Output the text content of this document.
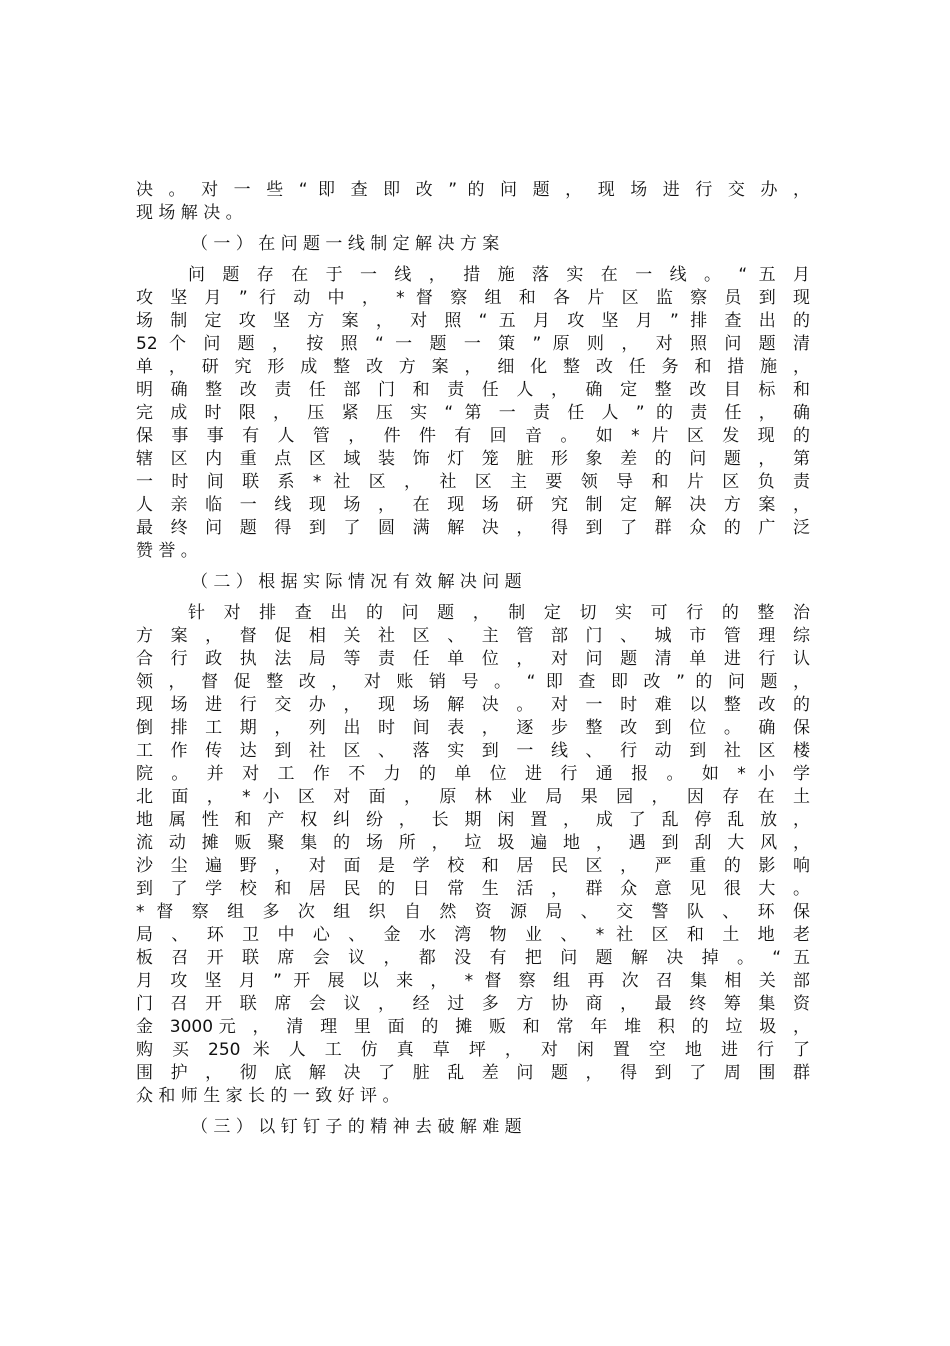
决 。 对 一 些 “ 即 查 即 改 ” 的 问 题 ， 现 场 进 行 交 办 ，
现 场 解 决 。
（ 一 ） 在 问 题 一 线 制 定 解 决 方 案
问 题 存 在 于 一 线 ， 措 施 落 实 在 一 线 。 “ 五 月
攻 坚 月 ” 行 动 中 ， * 督 察 组 和 各 片 区 监 察 员 到 现
场 制 定 攻 坚 方 案 ， 对 照 “ 五 月 攻 坚 月 ” 排 查 出 的
52 个 问 题 ， 按 照 “ 一 题 一 策 ” 原 则 ， 对 照 问 题 清
单 ， 研 究 形 成 整 改 方 案 ， 细 化 整 改 任 务 和 措 施 ，
明 确 整 改 责 任 部 门 和 责 任 人 ， 确 定 整 改 目 标 和
完 成 时 限 ， 压 紧 压 实 “ 第 一 责 任 人 ” 的 责 任 ， 确
保 事 事 有 人 管 ， 件 件 有 回 音 。 如 * 片 区 发 现 的
辖 区 内 重 点 区 域 装 饰 灯 笼 脏 形 象 差 的 问 题 ， 第
一 时 间 联 系 * 社 区 ， 社 区 主 要 领 导 和 片 区 负 责
人 亲 临 一 线 现 场 ， 在 现 场 研 究 制 定 解 决 方 案 ，
最 终 问 题 得 到 了 圆 满 解 决 ， 得 到 了 群 众 的 广 泛
赞 誉 。
（ 二 ） 根 据 实 际 情 况 有 效 解 决 问 题
针 对 排 查 出 的 问 题 ， 制 定 切 实 可 行 的 整 治
方 案 ， 督 促 相 关 社 区 、 主 管 部 门 、 城 市 管 理 综
合 行 政 执 法 局 等 责 任 单 位 ， 对 问 题 清 单 进 行 认
领 ， 督 促 整 改 ， 对 账 销 号 。 “ 即 查 即 改 ” 的 问 题 ，
现 场 进 行 交 办 ， 现 场 解 决 。 对 一 时 难 以 整 改 的
倒 排 工 期 ， 列 出 时 间 表 ， 逐 步 整 改 到 位 。 确 保
工 作 传 达 到 社 区 、 落 实 到 一 线 、 行 动 到 社 区 楼
院 。 并 对 工 作 不 力 的 单 位 进 行 通 报 。 如 * 小 学
北 面 ， * 小 区 对 面 ， 原 林 业 局 果 园 ， 因 存 在 土
地 属 性 和 产 权 纠 纷 ， 长 期 闲 置 ， 成 了 乱 停 乱 放 ，
流 动 摊 贩 聚 集 的 场 所 ， 垃 圾 遍 地 ， 遇 到 刮 大 风 ，
沙 尘 遍 野 ， 对 面 是 学 校 和 居 民 区 ， 严 重 的 影 响
到 了 学 校 和 居 民 的 日 常 生 活 ， 群 众 意 见 很 大 。
* 督 察 组 多 次 组 织 自 然 资 源 局 、 交 警 队 、 环 保
局 、 环 卫 中 心 、 金 水 湾 物 业 、 * 社 区 和 土 地 老
板 召 开 联 席 会 议 ， 都 没 有 把 问 题 解 决 掉 。 “ 五
月 攻 坚 月 ” 开 展 以 来 ， * 督 察 组 再 次 召 集 相 关 部
门 召 开 联 席 会 议 ， 经 过 多 方 协 商 ， 最 终 筹 集 资
金 3000元 ， 清 理 里 面 的 摊 贩 和 常 年 堆 积 的 垃 圾 ，
购 买 250 米 人 工 仿 真 草 坪 ， 对 闲 置 空 地 进 行 了
围 护 ， 彻 底 解 决 了 脏 乱 差 问 题 ， 得 到 了 周 围 群
众 和 师 生 家 长 的 一 致 好 评 。
（ 三 ） 以 钉 钉 子 的 精 神 去 破 解 难 题
